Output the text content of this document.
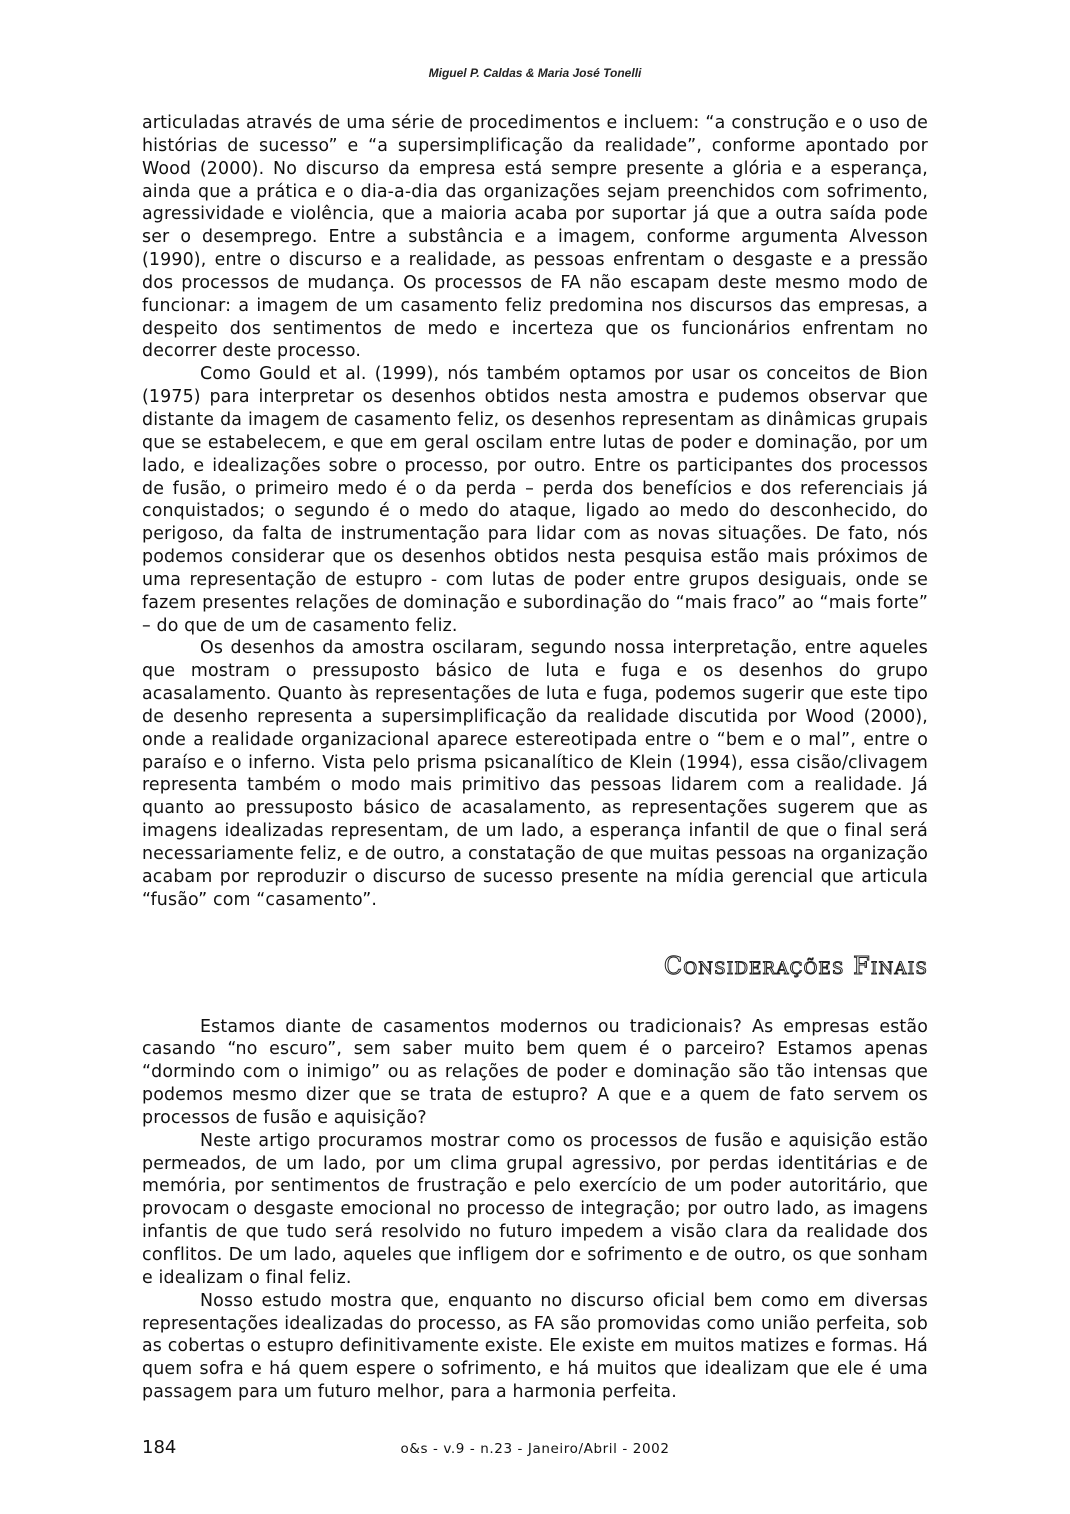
Miguel P. Caldas & Maria José Tonelli

articuladas através de uma série de procedimentos e incluem: “a construção e o uso de histórias de sucesso” e “a supersimplificação da realidade”, conforme apontado por Wood (2000). No discurso da empresa está sempre presente a glória e a esperança, ainda que a prática e o dia-a-dia das organizações sejam preenchidos com sofrimento, agressividade e violência, que a maioria acaba por suportar já que a outra saída pode ser o desemprego. Entre a substância e a imagem, conforme argumenta Alvesson (1990), entre o discurso e a realidade, as pessoas enfrentam o desgaste e a pressão dos processos de mudança. Os processos de FA não escapam deste mesmo modo de funcionar: a imagem de um casamento feliz predomina nos discursos das empresas, a despeito dos sentimentos de medo e incerteza que os funcionários enfrentam no decorrer deste processo.

Como Gould et al. (1999), nós também optamos por usar os conceitos de Bion (1975) para interpretar os desenhos obtidos nesta amostra e pudemos observar que distante da imagem de casamento feliz, os desenhos representam as dinâmicas grupais que se estabelecem, e que em geral oscilam entre lutas de poder e dominação, por um lado, e idealizações sobre o processo, por outro. Entre os participantes dos processos de fusão, o primeiro medo é o da perda – perda dos benefícios e dos referenciais já conquistados; o segundo é o medo do ataque, ligado ao medo do desconhecido, do perigoso, da falta de instrumentação para lidar com as novas situações. De fato, nós podemos considerar que os desenhos obtidos nesta pesquisa estão mais próximos de uma representação de estupro - com lutas de poder entre grupos desiguais, onde se fazem presentes relações de dominação e subordinação do “mais fraco” ao “mais forte” – do que de um de casamento feliz.

Os desenhos da amostra oscilaram, segundo nossa interpretação, entre aqueles que mostram o pressuposto básico de luta e fuga e os desenhos do grupo acasalamento. Quanto às representações de luta e fuga, podemos sugerir que este tipo de desenho representa a supersimplificação da realidade discutida por Wood (2000), onde a realidade organizacional aparece estereotipada entre o “bem e o mal”, entre o paraíso e o inferno. Vista pelo prisma psicanalítico de Klein (1994), essa cisão/clivagem representa também o modo mais primitivo das pessoas lidarem com a realidade. Já quanto ao pressuposto básico de acasalamento, as representações sugerem que as imagens idealizadas representam, de um lado, a esperança infantil de que o final será necessariamente feliz, e de outro, a constatação de que muitas pessoas na organização acabam por reproduzir o discurso de sucesso presente na mídia gerencial que articula “fusão” com “casamento”.

Considerações Finais

Estamos diante de casamentos modernos ou tradicionais? As empresas estão casando “no escuro”, sem saber muito bem quem é o parceiro? Estamos apenas “dormindo com o inimigo” ou as relações de poder e dominação são tão intensas que podemos mesmo dizer que se trata de estupro? A que e a quem de fato servem os processos de fusão e aquisição?

Neste artigo procuramos mostrar como os processos de fusão e aquisição estão permeados, de um lado, por um clima grupal agressivo, por perdas identitárias e de memória, por sentimentos de frustração e pelo exercício de um poder autoritário, que provocam o desgaste emocional no processo de integração; por outro lado, as imagens infantis de que tudo será resolvido no futuro impedem a visão clara da realidade dos conflitos. De um lado, aqueles que infligem dor e sofrimento e de outro, os que sonham e idealizam o final feliz.

Nosso estudo mostra que, enquanto no discurso oficial bem como em diversas representações idealizadas do processo, as FA são promovidas como união perfeita, sob as cobertas o estupro definitivamente existe. Ele existe em muitos matizes e formas. Há quem sofra e há quem espere o sofrimento, e há muitos que idealizam que ele é uma passagem para um futuro melhor, para a harmonia perfeita.

184	o&s - v.9 - n.23 - Janeiro/Abril - 2002
